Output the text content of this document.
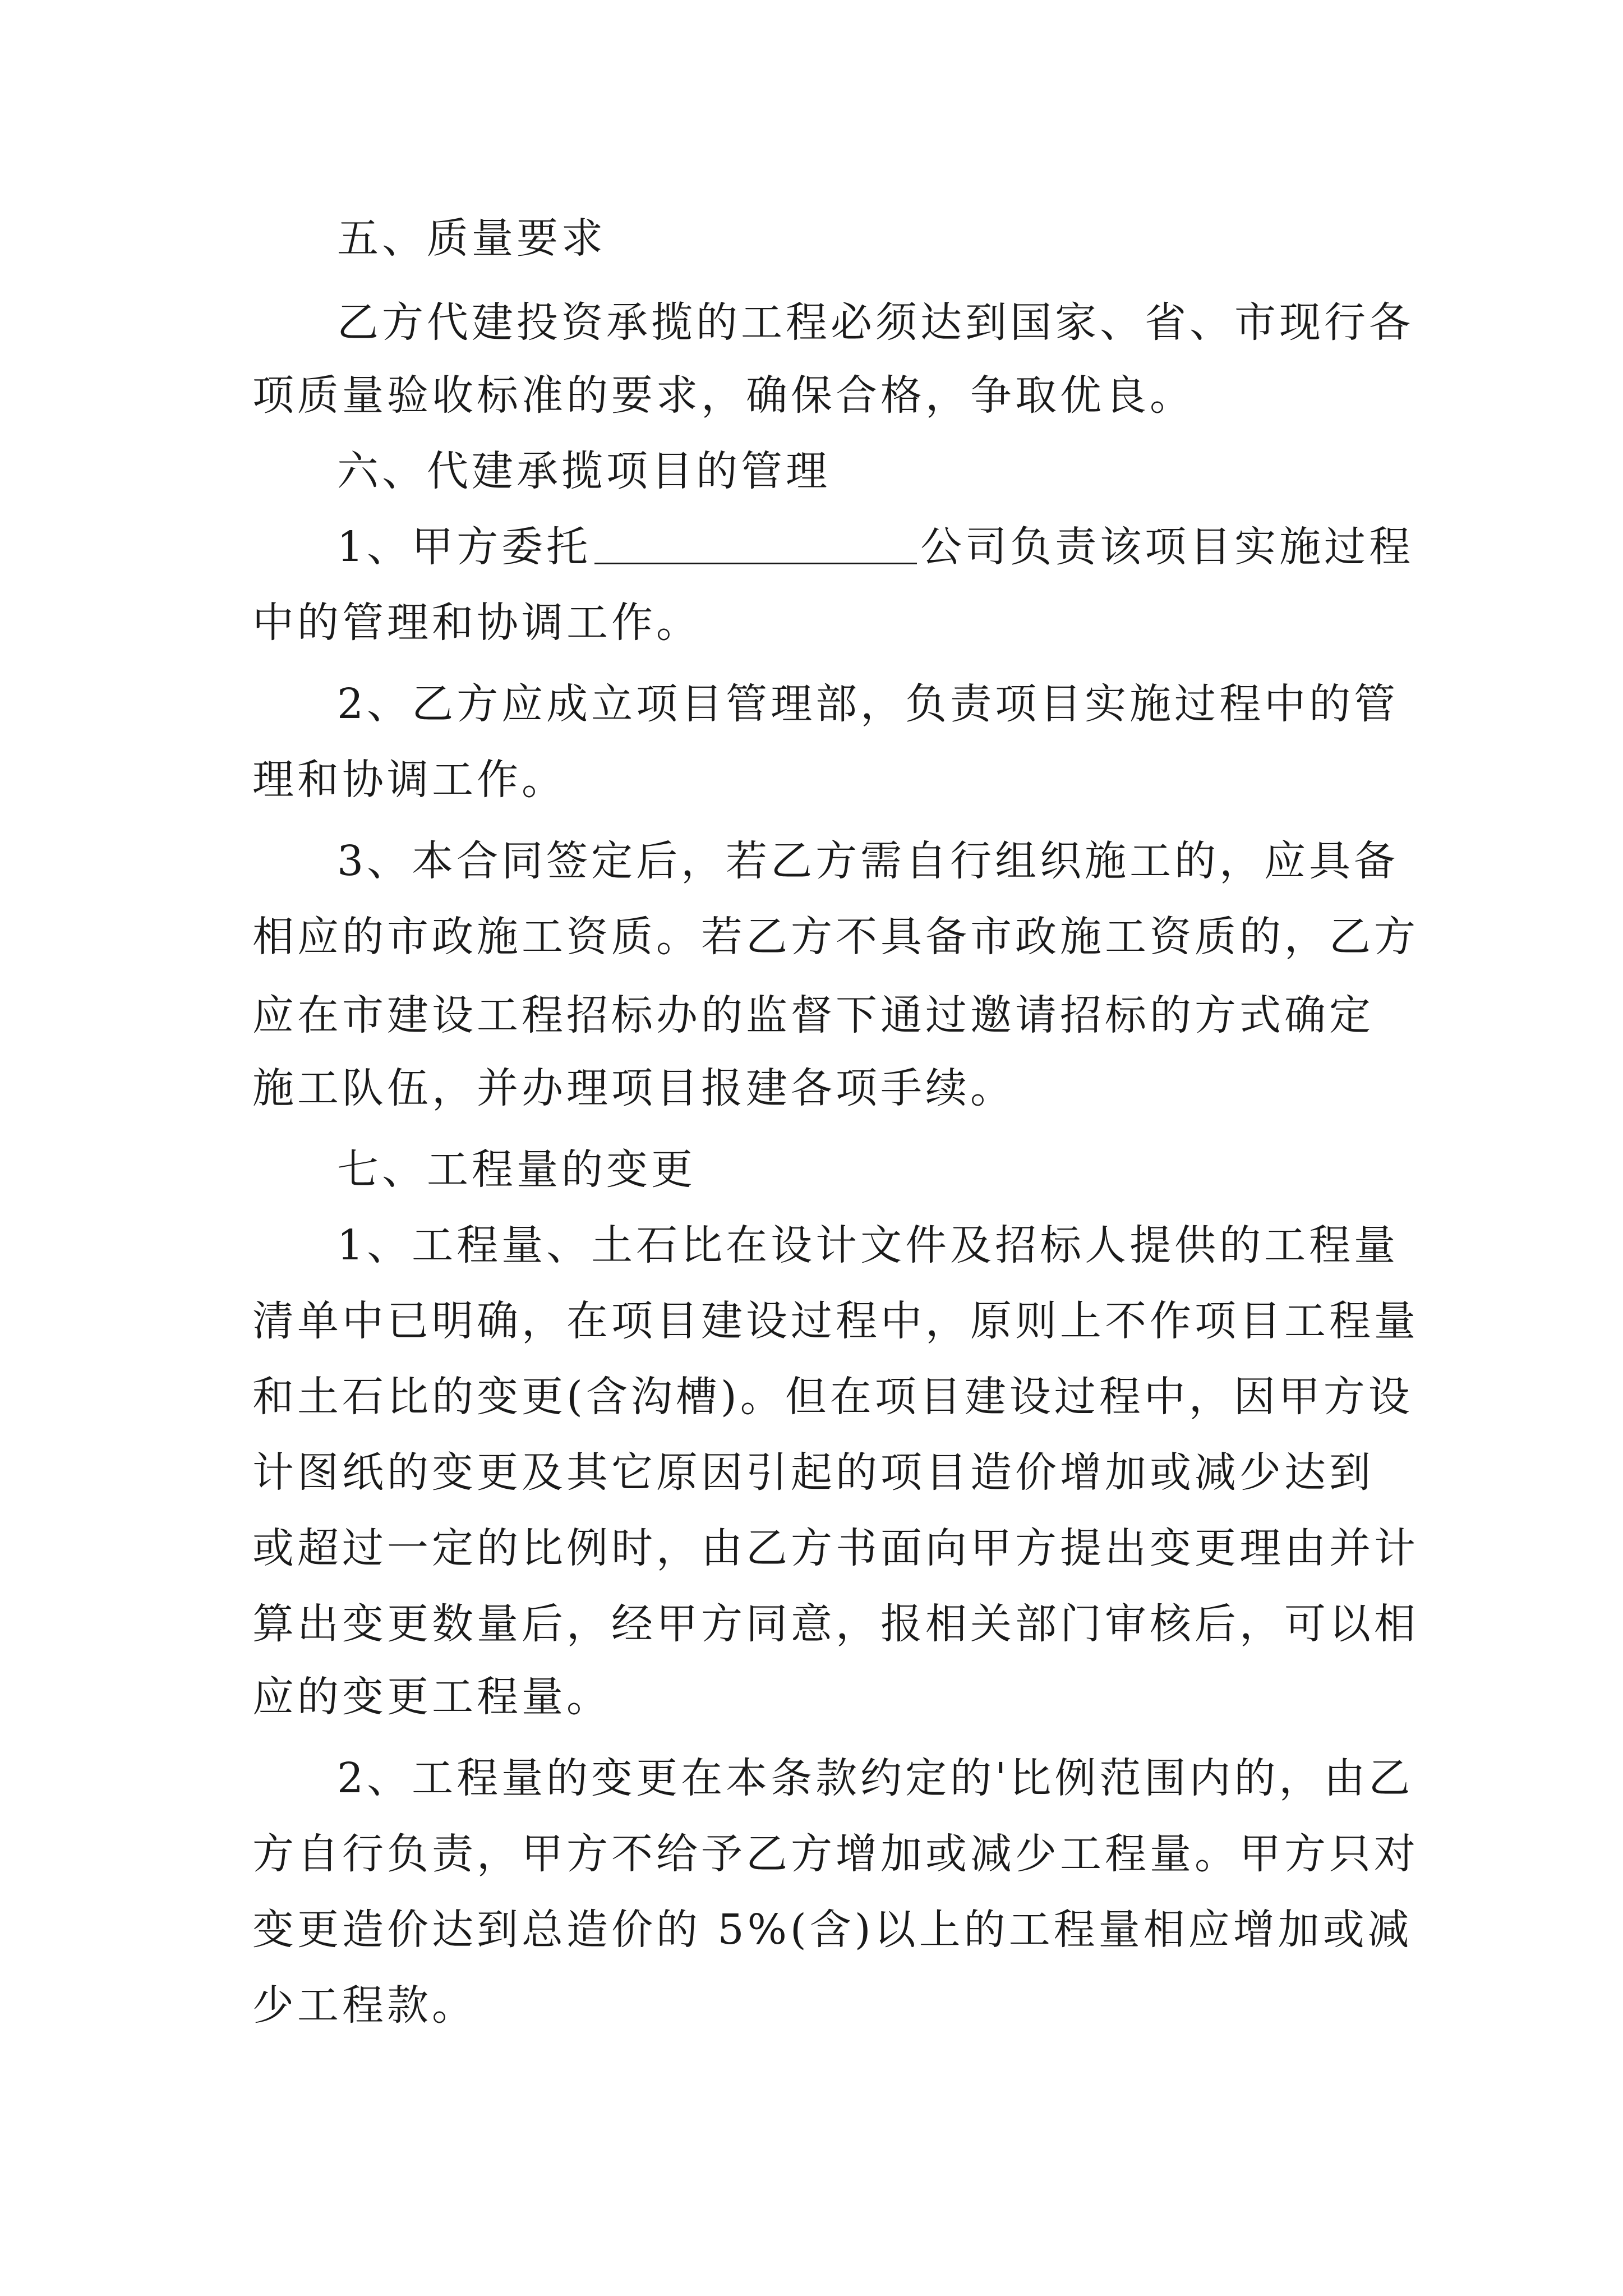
五、质量要求
乙方代建投资承揽的工程必须达到国家、省、市现行各
项质量验收标准的要求，确保合格，争取优良。
六、代建承揽项目的管理
1、甲方委托	公司负责该项目实施过程
中的管理和协调工作。
2、乙方应成立项目管理部，负责项目实施过程中的管
理和协调工作。
3、本合同签定后，若乙方需自行组织施工的，应具备
相应的市政施工资质。若乙方不具备市政施工资质的，乙方
应在市建设工程招标办的监督下通过邀请招标的方式确定
施工队伍，并办理项目报建各项手续。
七、工程量的变更
1、工程量、土石比在设计文件及招标人提供的工程量
清单中已明确，在项目建设过程中，原则上不作项目工程量
和土石比的变更(含沟槽)。但在项目建设过程中，因甲方设
计图纸的变更及其它原因引起的项目造价增加或减少达到
或超过一定的比例时，由乙方书面向甲方提出变更理由并计
算出变更数量后，经甲方同意，报相关部门审核后，可以相
应的变更工程量。
2、工程量的变更在本条款约定的'比例范围内的，由乙
方自行负责，甲方不给予乙方增加或减少工程量。甲方只对
变更造价达到总造价的 5%(含)以上的工程量相应增加或减
少工程款。
